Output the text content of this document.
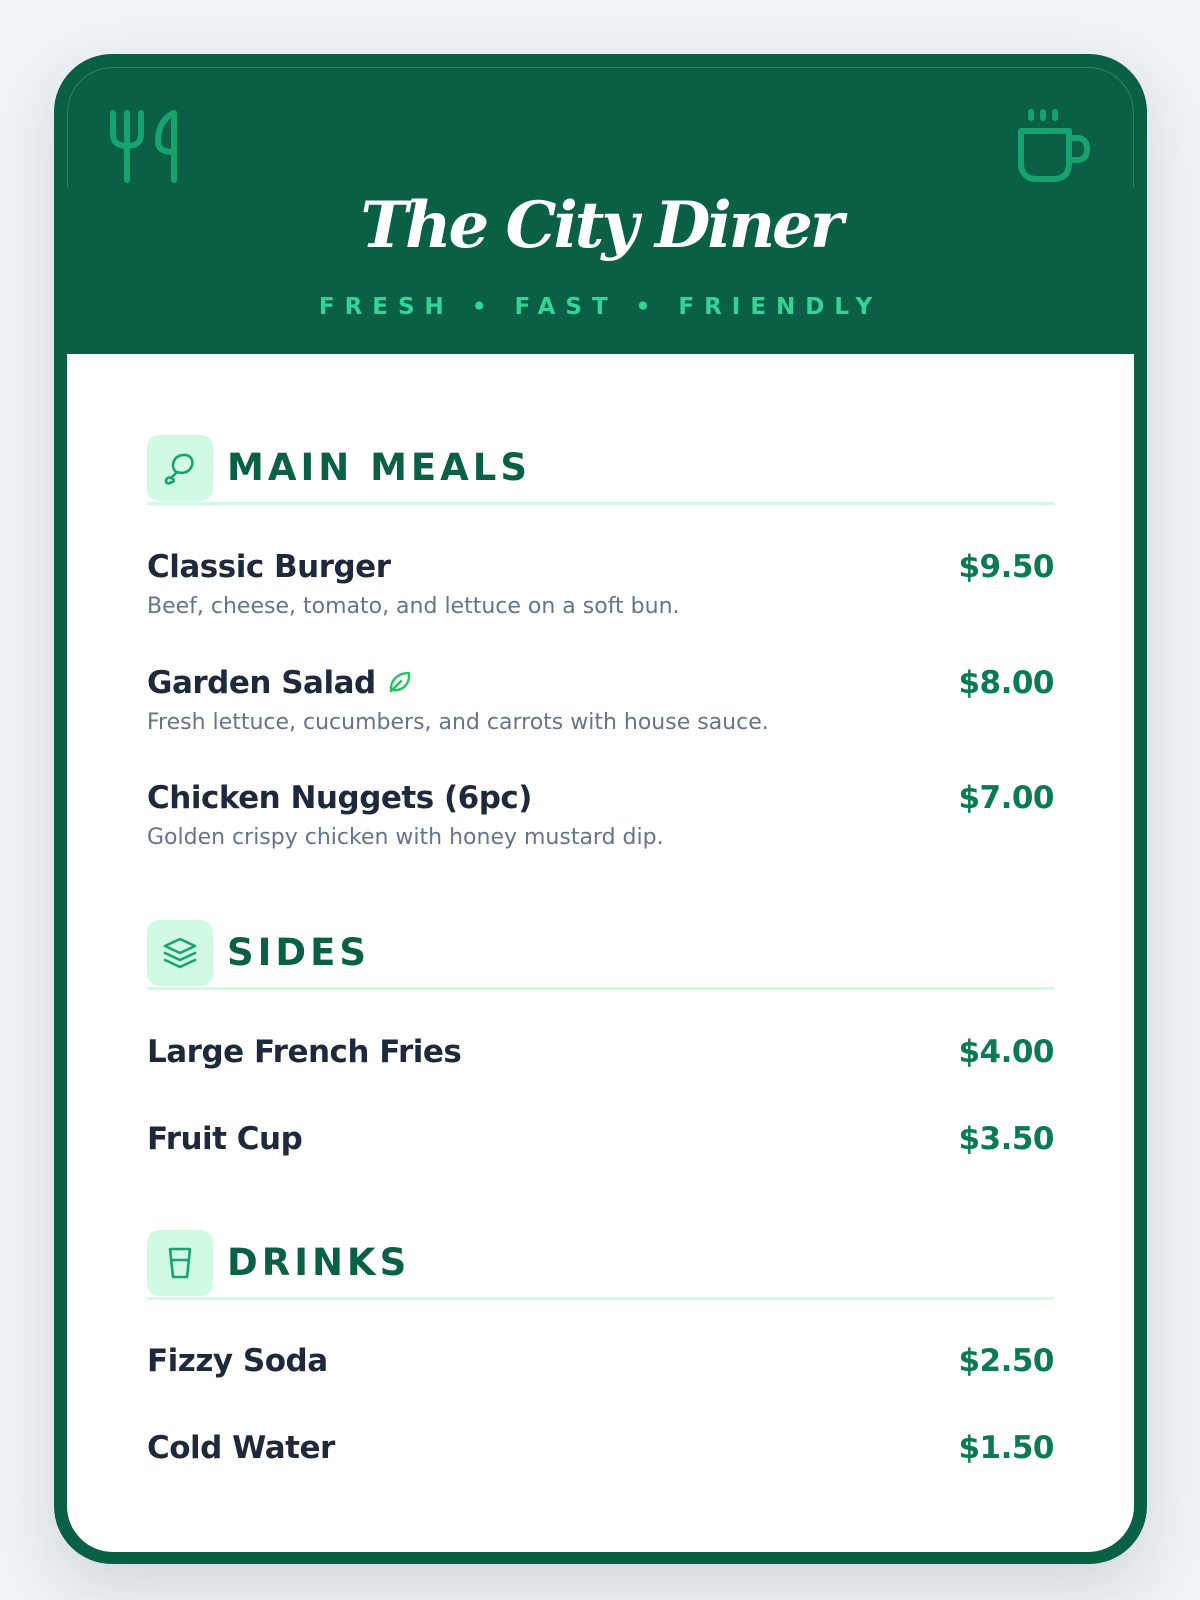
The City Diner
FRESH • FAST • FRIENDLY
MAIN MEALS
Classic Burger	$9.50
Beef, cheese, tomato, and lettuce on a soft bun.
Garden Salad	$8.00
Fresh lettuce, cucumbers, and carrots with house sauce.
Chicken Nuggets (6pc)	$7.00
Golden crispy chicken with honey mustard dip.
SIDES
Large French Fries	$4.00
Fruit Cup	$3.50
DRINKS
Fizzy Soda	$2.50
Cold Water	$1.50
